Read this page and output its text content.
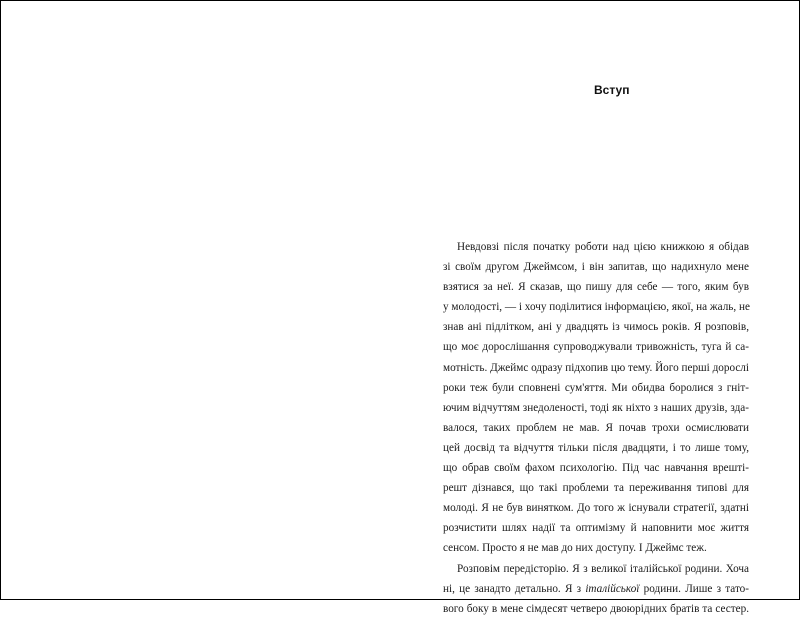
Вступ
Невдовзі після початку роботи над цією книжкою я обідав
зі своїм другом Джеймсом, і він запитав, що надихнуло мене
взятися за неї. Я сказав, що пишу для себе — того, яким був
у молодості, — і хочу поділитися інформацією, якої, на жаль, не
знав ані підлітком, ані у двадцять із чимось років. Я розповів,
що моє дорослішання супроводжували тривожність, туга й са-
мотність. Джеймс одразу підхопив цю тему. Його перші дорослі
роки теж були сповнені сум'яття. Ми обидва боролися з гніт-
ючим відчуттям знедоленості, тоді як ніхто з наших друзів, зда-
валося, таких проблем не мав. Я почав трохи осмислювати
цей досвід та відчуття тільки після двадцяти, і то лише тому,
що обрав своїм фахом психологію. Під час навчання врешті-
решт дізнався, що такі проблеми та переживання типові для
молоді. Я не був винятком. До того ж існували стратегії, здатні
розчистити шлях надії та оптимізму й наповнити моє життя
сенсом. Просто я не мав до них доступу. І Джеймс теж.
Розповім передісторію. Я з великої італійської родини. Хоча
ні, це занадто детально. Я з італійської родини. Лише з тато-
вого боку в мене сімдесят четверо двоюрідних братів та сестер.
